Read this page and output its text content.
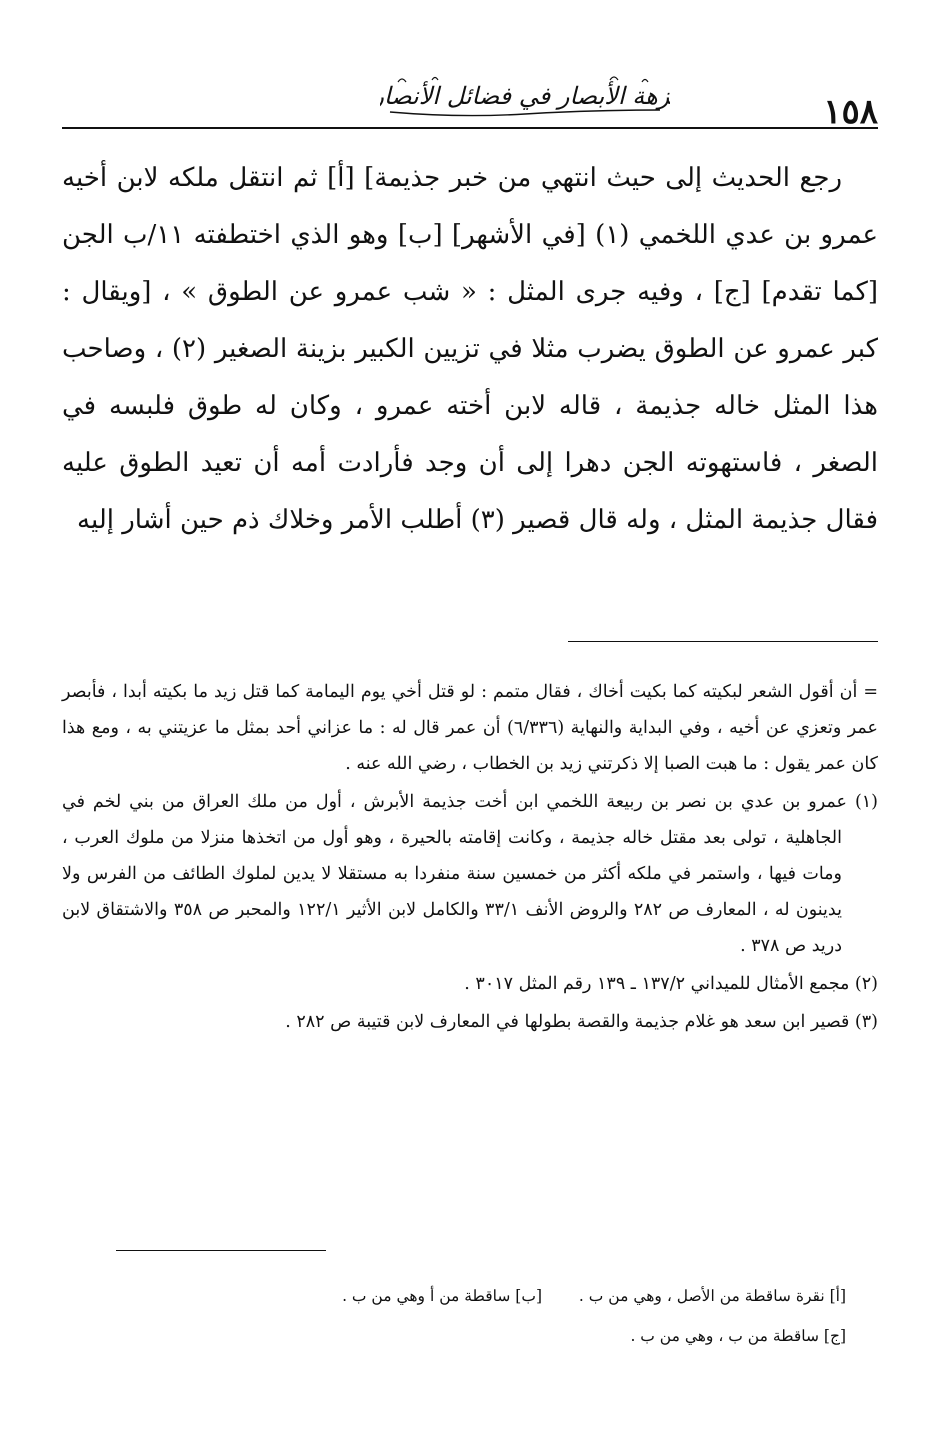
١٥٨
نزهة الأبصار في فضائل الأنصار

رجع الحديث إلى حيث انتهي من خبر جذيمة] [أ] ثم انتقل ملكه لابن أخيه عمرو بن عدي اللخمي (١) [في الأشهر] [ب] وهو الذي اختطفته ١١/ب الجن [كما تقدم] [ج] ، وفيه جرى المثل : « شب عمرو عن الطوق » ، [ويقال : كبر عمرو عن الطوق يضرب مثلا في تزيين الكبير بزينة الصغير (٢) ، وصاحب هذا المثل خاله جذيمة ، قاله لابن أخته عمرو ، وكان له طوق فلبسه في الصغر ، فاستهوته الجن دهرا إلى أن وجد فأرادت أمه أن تعيد الطوق عليه فقال جذيمة المثل ، وله قال قصير (٣) أطلب الأمر وخلاك ذم حين أشار إليه

= أن أقول الشعر لبكيته كما بكيت أخاك ، فقال متمم : لو قتل أخي يوم اليمامة كما قتل زيد ما بكيته أبدا ، فأبصر عمر وتعزي عن أخيه ، وفي البداية والنهاية (٦/٣٣٦) أن عمر قال له : ما عزاني أحد بمثل ما عزيتني به ، ومع هذا كان عمر يقول : ما هبت الصبا إلا ذكرتني زيد بن الخطاب ، رضي الله عنه .

(١) عمرو بن عدي بن نصر بن ربيعة اللخمي ابن أخت جذيمة الأبرش ، أول من ملك العراق من بني لخم في الجاهلية ، تولى بعد مقتل خاله جذيمة ، وكانت إقامته بالحيرة ، وهو أول من اتخذها منزلا من ملوك العرب ، ومات فيها ، واستمر في ملكه أكثر من خمسين سنة منفردا به مستقلا لا يدين لملوك الطائف من الفرس ولا يدينون له ، المعارف ص ٢٨٢ والروض الأنف ٣٣/١ والكامل لابن الأثير ١٢٢/١ والمحبر ص ٣٥٨ والاشتقاق لابن دريد ص ٣٧٨ .

(٢) مجمع الأمثال للميداني ١٣٧/٢ ـ ١٣٩ رقم المثل ٣٠١٧ .

(٣) قصير ابن سعد هو غلام جذيمة والقصة بطولها في المعارف لابن قتيبة ص ٢٨٢ .

[أ] نقرة ساقطة من الأصل ، وهي من ب .
[ب] ساقطة من أ وهي من ب .
[ج] ساقطة من ب ، وهي من ب .
